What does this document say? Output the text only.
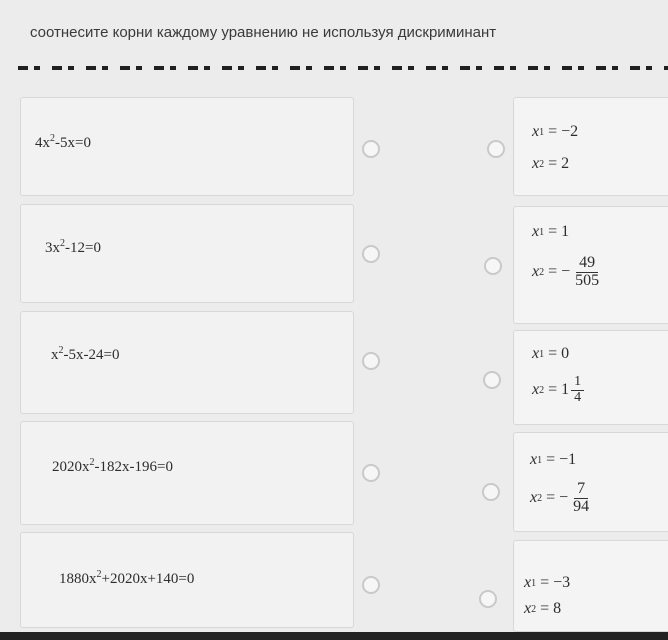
соотнесите корни каждому уравнению не используя дискриминант
$4x^2-5x=0$
$3x^2-12=0$
$x^2-5x-24=0$
$2020x^2-182x-196=0$
$1880x^2+2020x+140=0$
x 1 = −2
x 2 = 2
x 1 = 1
x 2 = − $\frac{49}{505}$
x 1 = 0
x $2 = 1 \frac{1}{4}$
x 1 = −1
x 2 = − $\frac{7}{94}$
x 1 = −3
x 2 = 8
